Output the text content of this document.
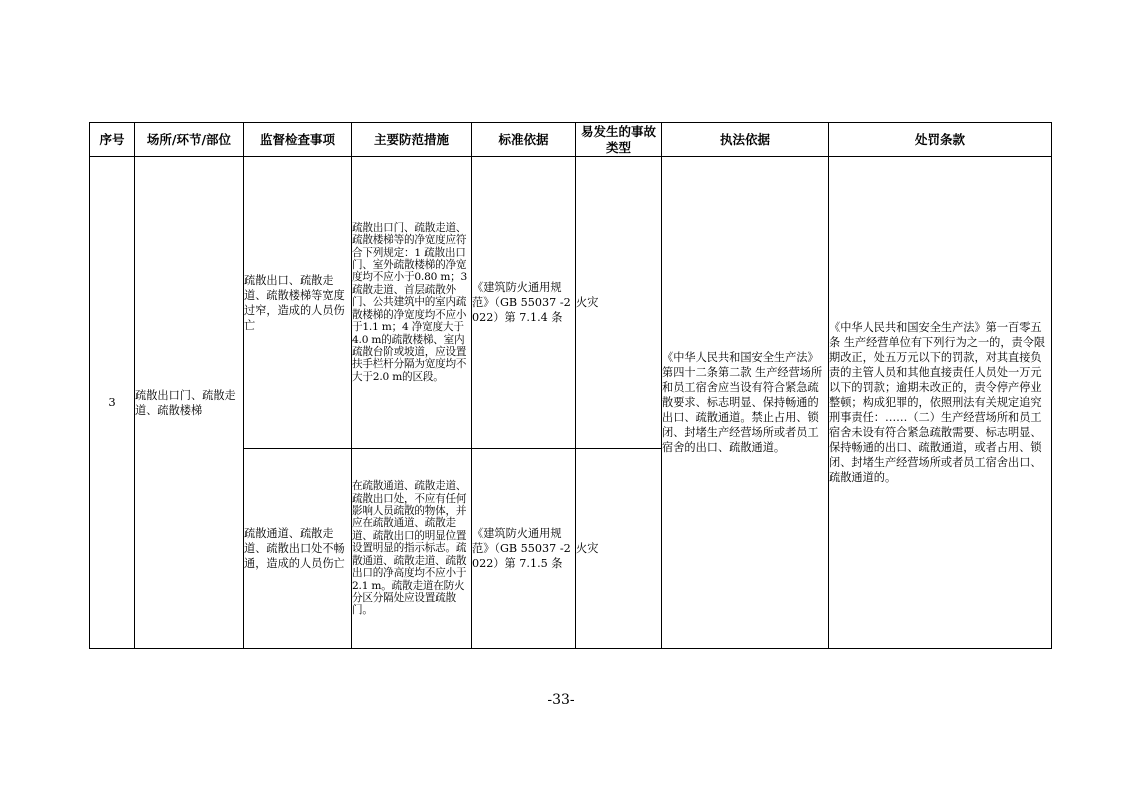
序号	场所/环节/部位	监督检查事项	主要防范措施	标准依据	易发生的事故类型	执法依据	处罚条款
3	疏散出口门、疏散走道、疏散楼梯	疏散出口、疏散走道、疏散楼梯等宽度过窄，造成的人员伤亡	疏散出口门、疏散走道、疏散楼梯等的净宽度应符合下列规定：1 疏散出口门、室外疏散楼梯的净宽度均不应小于0.80 m；3 疏散走道、首层疏散外门、公共建筑中的室内疏散楼梯的净宽度均不应小于1.1 m；4 净宽度大于4.0 m的疏散楼梯、室内疏散台阶或坡道，应设置扶手栏杆分隔为宽度均不大于2.0 m的区段。	《建筑防火通用规范》（GB 55037 -2022）第 7.1.4 条	火灾	《中华人民共和国安全生产法》第四十二条第二款 生产经营场所和员工宿舍应当设有符合紧急疏散要求、标志明显、保持畅通的出口、疏散通道。禁止占用、锁闭、封堵生产经营场所或者员工宿舍的出口、疏散通道。	《中华人民共和国安全生产法》第一百零五条 生产经营单位有下列行为之一的，责令限期改正，处五万元以下的罚款，对其直接负责的主管人员和其他直接责任人员处一万元以下的罚款；逾期未改正的，责令停产停业整顿；构成犯罪的，依照刑法有关规定追究刑事责任：……（二）生产经营场所和员工宿舍未设有符合紧急疏散需要、标志明显、保持畅通的出口、疏散通道，或者占用、锁闭、封堵生产经营场所或者员工宿舍出口、疏散通道的。
		疏散通道、疏散走道、疏散出口处不畅通，造成的人员伤亡	在疏散通道、疏散走道、疏散出口处，不应有任何影响人员疏散的物体，并应在疏散通道、疏散走道、疏散出口的明显位置设置明显的指示标志。疏散通道、疏散走道、疏散出口的净高度均不应小于 2.1 m。疏散走道在防火分区分隔处应设置疏散门。	《建筑防火通用规范》（GB 55037 -2022）第 7.1.5 条	火灾		
-33-
